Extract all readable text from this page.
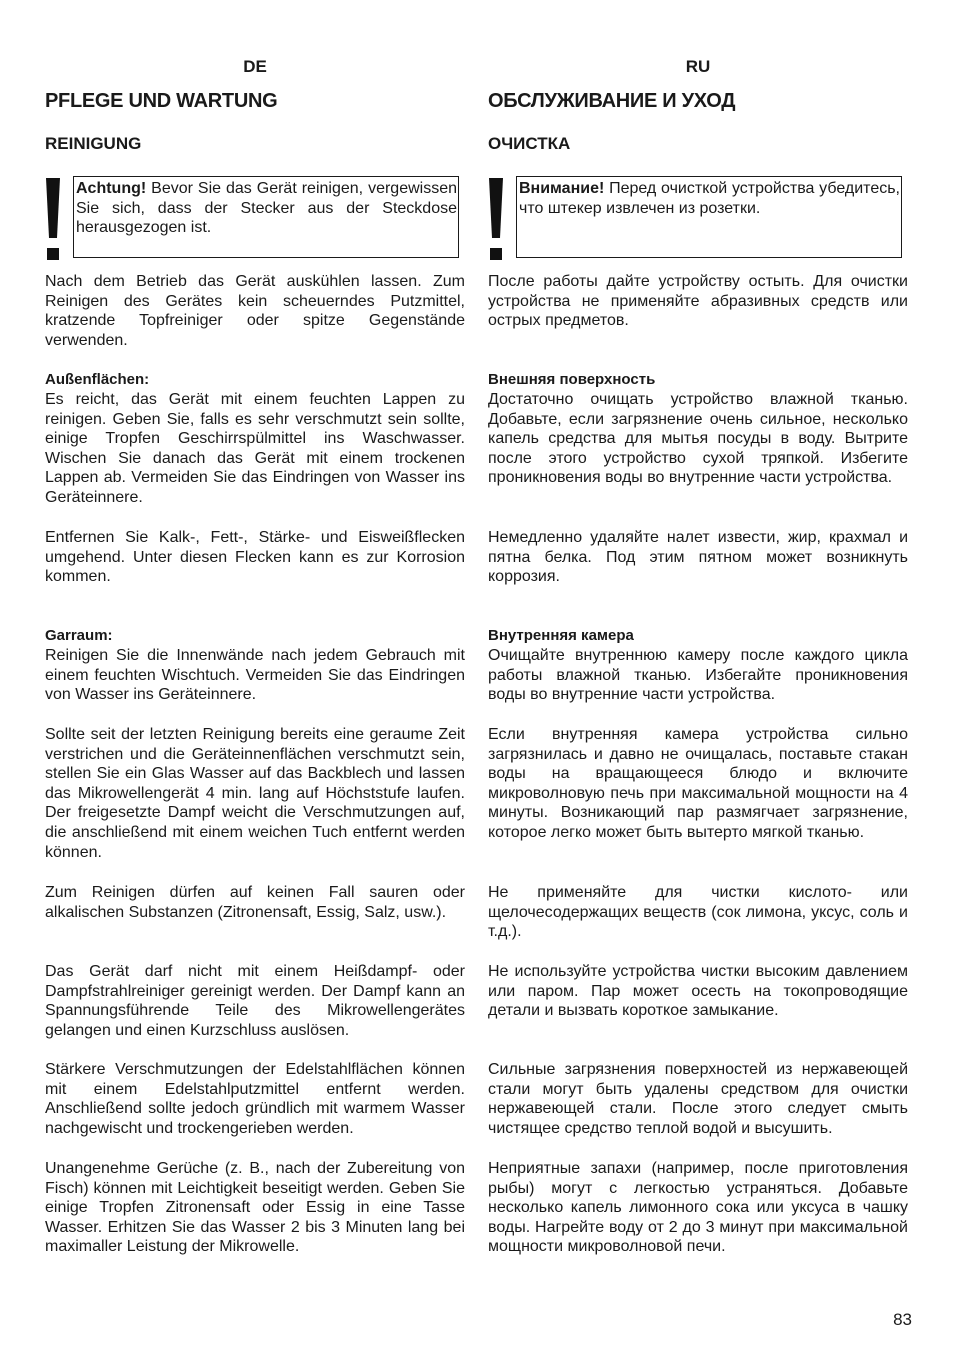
DE

PFLEGE UND WARTUNG
REINIGUNG
Achtung! Bevor Sie das Gerät reinigen, vergewissen Sie sich, dass der Stecker aus der Steckdose herausgezogen ist.

Nach dem Betrieb das Gerät auskühlen lassen. Zum Reinigen des Gerätes kein scheuerndes Putzmittel, kratzende Topfreiniger oder spitze Gegenstände verwenden.

Außenflächen:

Es reicht, das Gerät mit einem feuchten Lappen zu reinigen. Geben Sie, falls es sehr verschmutzt sein sollte, einige Tropfen Geschirrspülmittel ins Waschwasser. Wischen Sie danach das Gerät mit einem trockenen Lappen ab. Vermeiden Sie das Eindringen von Wasser ins Geräteinnere.

Entfernen Sie Kalk-, Fett-, Stärke- und Eisweißflecken umgehend. Unter diesen Flecken kann es zur Korrosion kommen.

Garraum:

Reinigen Sie die Innenwände nach jedem Gebrauch mit einem feuchten Wischtuch. Vermeiden Sie das Eindringen von Wasser ins Geräteinnere.

Sollte seit der letzten Reinigung bereits eine geraume Zeit verstrichen und die Geräteinnenflächen verschmutzt sein, stellen Sie ein Glas Wasser auf das Backblech und lassen das Mikrowellengerät 4 min. lang auf Höchststufe laufen. Der freigesetzte Dampf weicht die Verschmutzungen auf, die anschließend mit einem weichen Tuch entfernt werden können.

Zum Reinigen dürfen auf keinen Fall sauren oder alkalischen Substanzen (Zitronensaft, Essig, Salz, usw.).

Das Gerät darf nicht mit einem Heißdampf- oder Dampfstrahlreiniger gereinigt werden. Der Dampf kann an Spannungsführende Teile des Mikrowellengerätes gelangen und einen Kurzschluss auslösen.

Stärkere Verschmutzungen der Edelstahlflächen können mit einem Edelstahlputzmittel entfernt werden. Anschließend sollte jedoch gründlich mit warmem Wasser nachgewischt und trockengerieben werden.

Unangenehme Gerüche (z. B., nach der Zubereitung von Fisch) können mit Leichtigkeit beseitigt werden. Geben Sie einige Tropfen Zitronensaft oder Essig in eine Tasse Wasser. Erhitzen Sie das Wasser 2 bis 3 Minuten lang bei maximaller Leistung der Mikrowelle.

RU

ОБСЛУЖИВАНИЕ И УХОД
ОЧИСТКА
Внимание! Перед очисткой устройства убедитесь, что штекер извлечен из розетки.

После работы дайте устройству остыть. Для очистки устройства не применяйте абразивных средств или острых предметов.

Внешняя поверхность

Достаточно очищать устройство влажной тканью. Добавьте, если загрязнение очень сильное, несколько капель средства для мытья посуды в воду. Вытрите после этого устройство сухой тряпкой. Избегите проникновения воды во внутренние части устройства.

Немедленно удаляйте налет извести, жир, крахмал и пятна белка. Под этим пятном может возникнуть коррозия.

Внутренняя камера

Очищайте внутреннюю камеру после каждого цикла работы влажной тканью. Избегайте проникновения воды во внутренние части устройства.

Если внутренняя камера устройства сильно загрязнилась и давно не очищалась, поставьте стакан воды на вращающееся блюдо и включите микроволновую печь при максимальной мощности на 4 минуты. Возникающий пар размягчает загрязнение, которое легко может быть вытерто мягкой тканью.

Не применяйте для чистки кислото- или щелочесодержащих веществ (сок лимона, уксус, соль и т.д.).

Не используйте устройства чистки высоким давлением или паром. Пар может осесть на токопроводящие детали и вызвать короткое замыкание.

Сильные загрязнения поверхностей из нержавеющей стали могут быть удалены средством для очистки нержавеющей стали. После этого следует смыть чистящее средство теплой водой и высушить.

Неприятные запахи (например, после приготовления рыбы) могут с легкостью устраняться. Добавьте несколько капель лимонного сока или уксуса в чашку воды. Нагрейте воду от 2 до 3 минут при максимальной мощности микроволновой печи.

83
